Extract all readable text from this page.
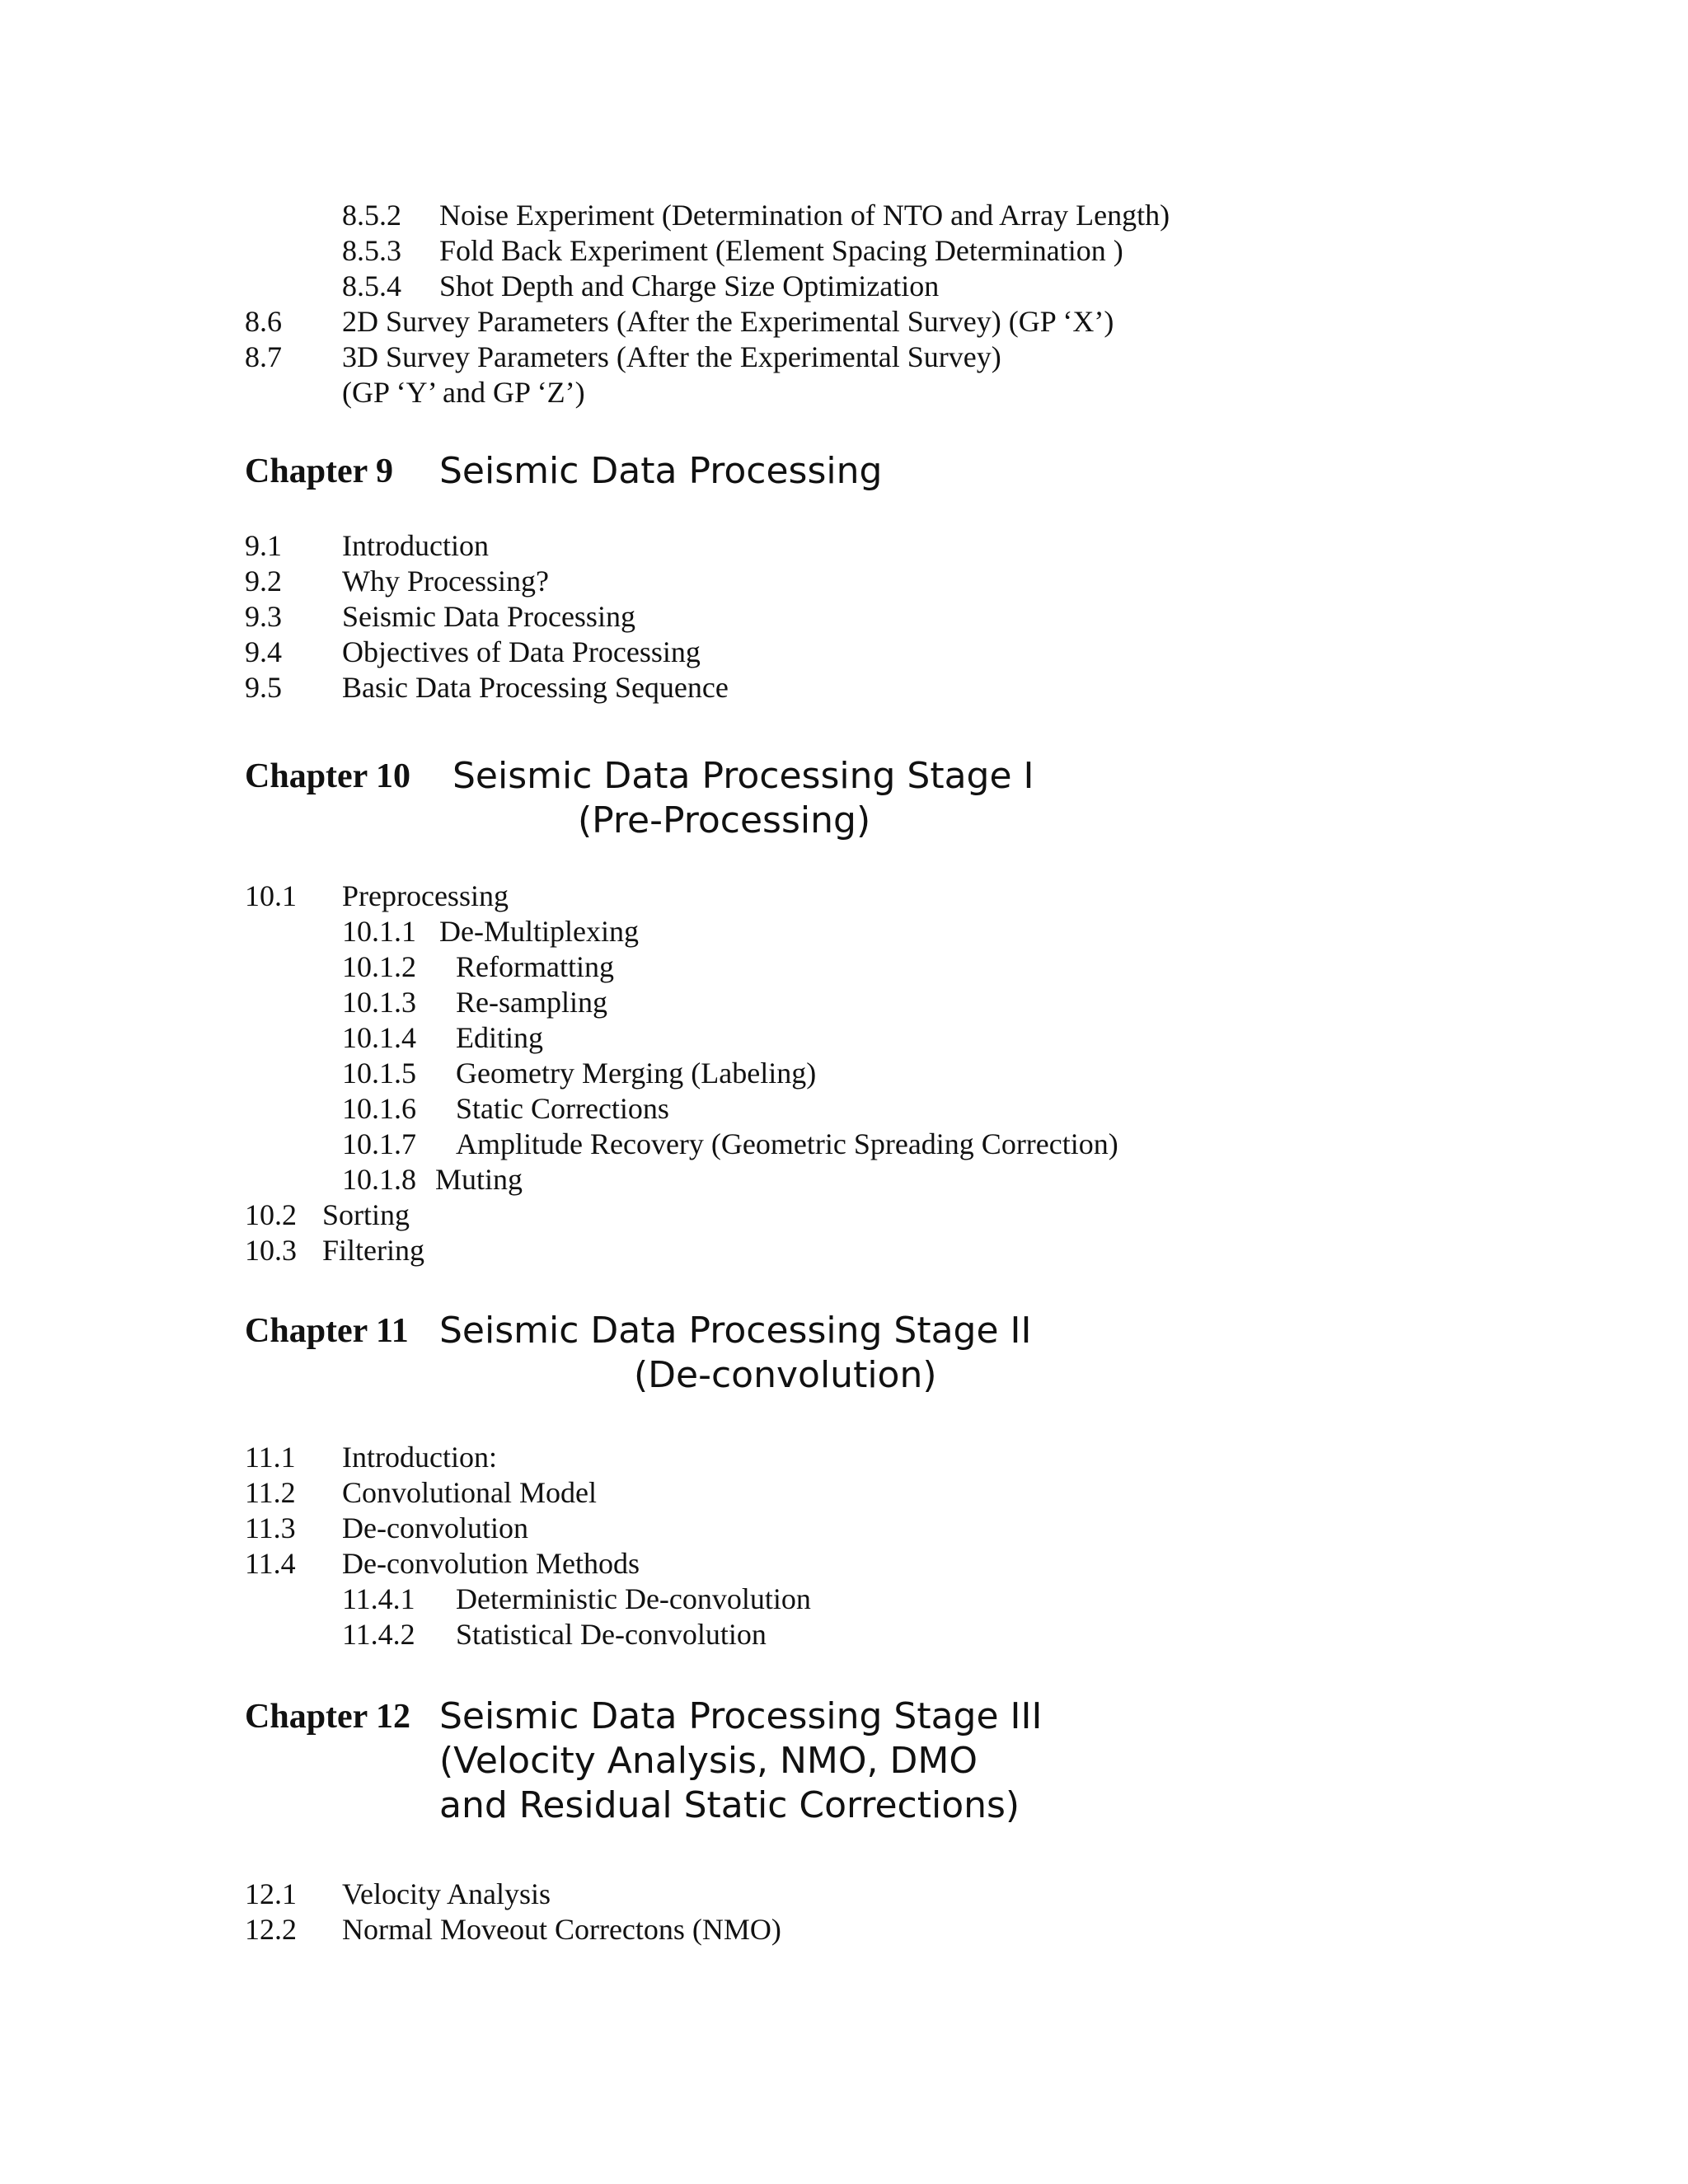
8.5.2 Noise Experiment (Determination of NTO and Array Length)
8.5.3 Fold Back Experiment (Element Spacing Determination )
8.5.4 Shot Depth and Charge Size Optimization
8.6 2D Survey Parameters (After the Experimental Survey) (GP ‘X’)
8.7 3D Survey Parameters (After the Experimental Survey)
(GP ‘Y’ and GP ‘Z’)
Chapter 9 Seismic Data Processing
9.1 Introduction
9.2 Why Processing?
9.3 Seismic Data Processing
9.4 Objectives of Data Processing
9.5 Basic Data Processing Sequence
Chapter 10 Seismic Data Processing Stage I
(Pre-Processing)
10.1 Preprocessing
10.1.1 De-Multiplexing
10.1.2 Reformatting
10.1.3 Re-sampling
10.1.4 Editing
10.1.5 Geometry Merging (Labeling)
10.1.6 Static Corrections
10.1.7 Amplitude Recovery (Geometric Spreading Correction)
10.1.8 Muting
10.2 Sorting
10.3 Filtering
Chapter 11 Seismic Data Processing Stage II
(De-convolution)
11.1 Introduction:
11.2 Convolutional Model
11.3 De-convolution
11.4 De-convolution Methods
11.4.1 Deterministic De-convolution
11.4.2 Statistical De-convolution
Chapter 12 Seismic Data Processing Stage III
(Velocity Analysis, NMO, DMO
and Residual Static Corrections)
12.1 Velocity Analysis
12.2 Normal Moveout Correctons (NMO)
